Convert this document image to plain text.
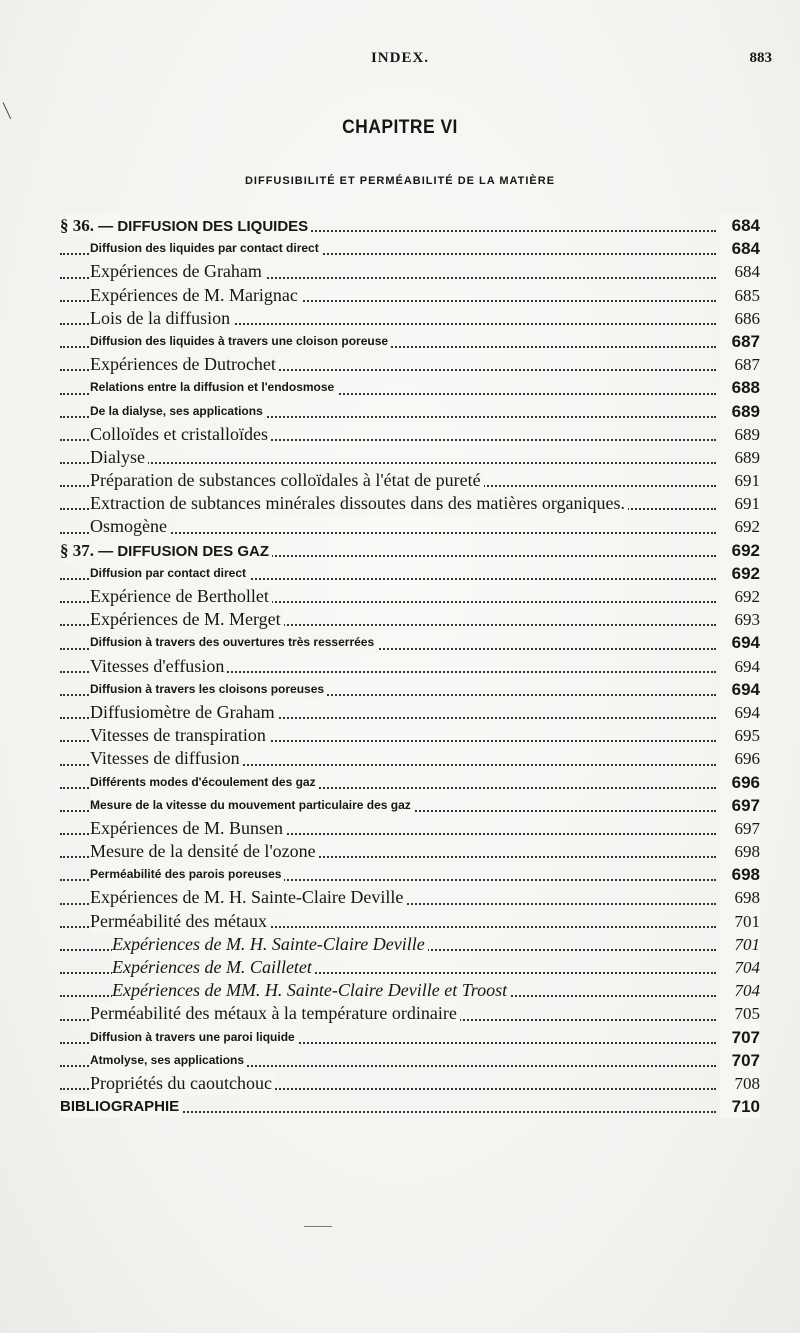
INDEX.	883
CHAPITRE VI
DIFFUSIBILITÉ ET PERMÉABILITÉ DE LA MATIÈRE
§ 36. — DIFFUSION DES LIQUIDES	684
Diffusion des liquides par contact direct	684
Expériences de Graham	684
Expériences de M. Marignac	685
Lois de la diffusion	686
Diffusion des liquides à travers une cloison poreuse	687
Expériences de Dutrochet	687
Relations entre la diffusion et l'endosmose	688
De la dialyse, ses applications	689
Colloïdes et cristalloïdes	689
Dialyse	689
Préparation de substances colloïdales à l'état de pureté	691
Extraction de subtances minérales dissoutes dans des matières organiques.	691
Osmogène	692
§ 37. — DIFFUSION DES GAZ	692
Diffusion par contact direct	692
Expérience de Berthollet	692
Expériences de M. Merget	693
Diffusion à travers des ouvertures très resserrées	694
Vitesses d'effusion	694
Diffusion à travers les cloisons poreuses	694
Diffusiomètre de Graham	694
Vitesses de transpiration	695
Vitesses de diffusion	696
Différents modes d'écoulement des gaz	696
Mesure de la vitesse du mouvement particulaire des gaz	697
Expériences de M. Bunsen	697
Mesure de la densité de l'ozone	698
Perméabilité des parois poreuses	698
Expériences de M. H. Sainte-Claire Deville	698
Perméabilité des métaux	701
Expériences de M. H. Sainte-Claire Deville	701
Expériences de M. Cailletet	704
Expériences de MM. H. Sainte-Claire Deville et Troost	704
Perméabilité des métaux à la température ordinaire	705
Diffusion à travers une paroi liquide	707
Atmolyse, ses applications	707
Propriétés du caoutchouc	708
BIBLIOGRAPHIE	710
